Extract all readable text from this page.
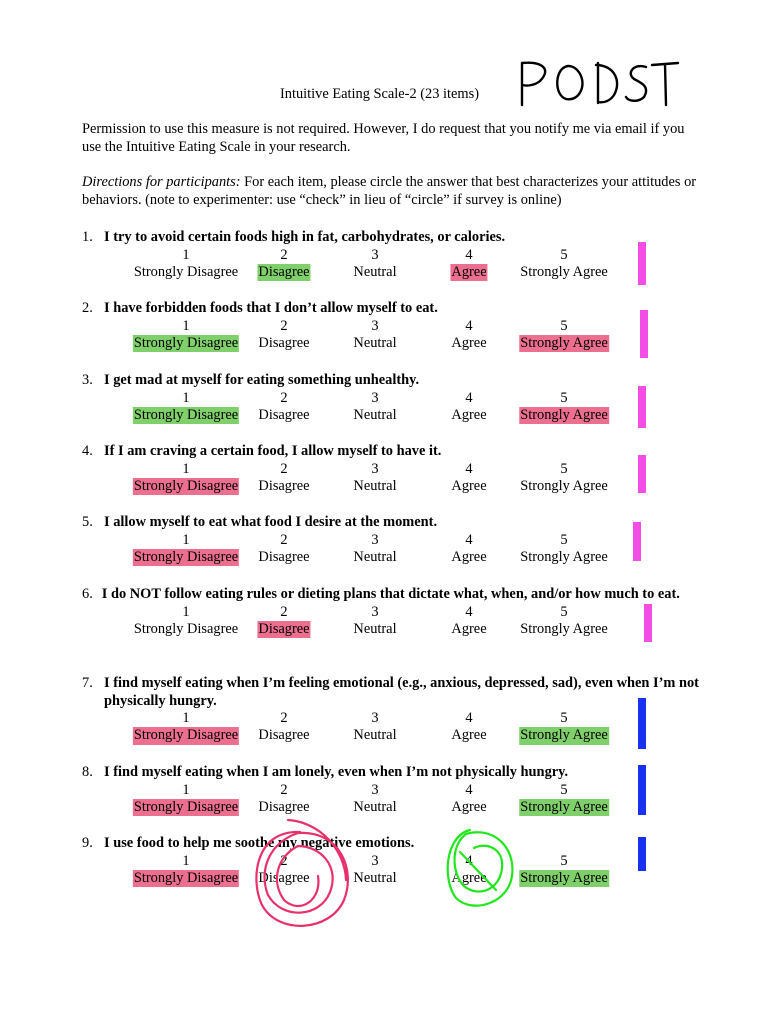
Intuitive Eating Scale-2 (23 items)
Permission to use this measure is not required. However, I do request that you notify me via email if you use the Intuitive Eating Scale in your research.
Directions for participants: For each item, please circle the answer that best characterizes your attitudes or behaviors. (note to experimenter: use “check” in lieu of “circle” if survey is online)
1. I try to avoid certain foods high in fat, carbohydrates, or calories.
1
Strongly Disagree
2
Disagree
3
Neutral
4
Agree
5
Strongly Agree
2. I have forbidden foods that I don’t allow myself to eat.
1
Strongly Disagree
2
Disagree
3
Neutral
4
Agree
5
Strongly Agree
3. I get mad at myself for eating something unhealthy.
1
Strongly Disagree
2
Disagree
3
Neutral
4
Agree
5
Strongly Agree
4. If I am craving a certain food, I allow myself to have it.
1
Strongly Disagree
2
Disagree
3
Neutral
4
Agree
5
Strongly Agree
5. I allow myself to eat what food I desire at the moment.
1
Strongly Disagree
2
Disagree
3
Neutral
4
Agree
5
Strongly Agree
6. I do NOT follow eating rules or dieting plans that dictate what, when, and/or how much to eat.
1
Strongly Disagree
2
Disagree
3
Neutral
4
Agree
5
Strongly Agree
7. I find myself eating when I’m feeling emotional (e.g., anxious, depressed, sad), even when I’m not physically hungry.
1
Strongly Disagree
2
Disagree
3
Neutral
4
Agree
5
Strongly Agree
8. I find myself eating when I am lonely, even when I’m not physically hungry.
1
Strongly Disagree
2
Disagree
3
Neutral
4
Agree
5
Strongly Agree
9. I use food to help me soothe my negative emotions.
1
Strongly Disagree
2
Disagree
3
Neutral
4
Agree
5
Strongly Agree
